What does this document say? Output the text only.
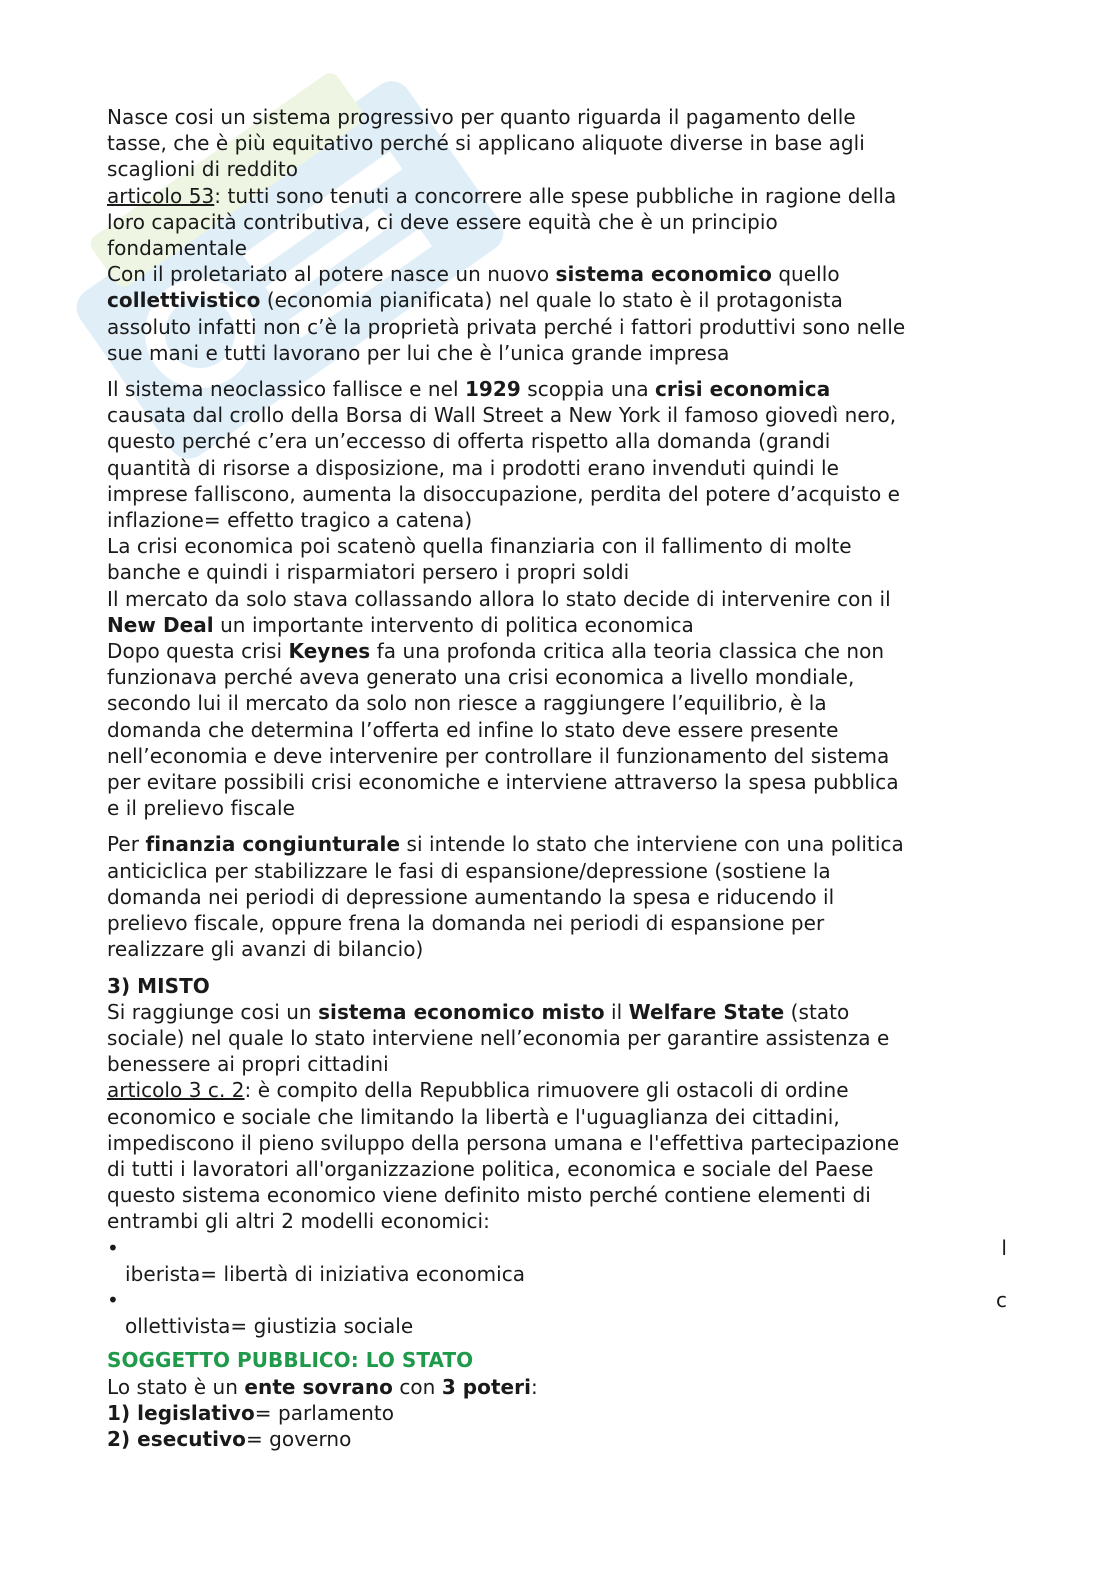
Nasce cosi un sistema progressivo per quanto riguarda il pagamento delle

tasse, che è più equitativo perché si applicano aliquote diverse in base agli

scaglioni di reddito

articolo 53: tutti sono tenuti a concorrere alle spese pubbliche in ragione della

loro capacità contributiva, ci deve essere equità che è un principio

fondamentale

Con il proletariato al potere nasce un nuovo sistema economico quello

collettivistico (economia pianificata) nel quale lo stato è il protagonista

assoluto infatti non c’è la proprietà privata perché i fattori produttivi sono nelle

sue mani e tutti lavorano per lui che è l’unica grande impresa

Il sistema neoclassico fallisce e nel 1929 scoppia una crisi economica

causata dal crollo della Borsa di Wall Street a New York il famoso giovedì nero,

questo perché c’era un’eccesso di offerta rispetto alla domanda (grandi

quantità di risorse a disposizione, ma i prodotti erano invenduti quindi le

imprese falliscono, aumenta la disoccupazione, perdita del potere d’acquisto e

inflazione= effetto tragico a catena)

La crisi economica poi scatenò quella finanziaria con il fallimento di molte

banche e quindi i risparmiatori persero i propri soldi

Il mercato da solo stava collassando allora lo stato decide di intervenire con il

New Deal un importante intervento di politica economica

Dopo questa crisi Keynes fa una profonda critica alla teoria classica che non

funzionava perché aveva generato una crisi economica a livello mondiale,

secondo lui il mercato da solo non riesce a raggiungere l’equilibrio, è la

domanda che determina l’offerta ed infine lo stato deve essere presente

nell’economia e deve intervenire per controllare il funzionamento del sistema

per evitare possibili crisi economiche e interviene attraverso la spesa pubblica

e il prelievo fiscale

Per finanzia congiunturale si intende lo stato che interviene con una politica

anticiclica per stabilizzare le fasi di espansione/depressione (sostiene la

domanda nei periodi di depressione aumentando la spesa e riducendo il

prelievo fiscale, oppure frena la domanda nei periodi di espansione per

realizzare gli avanzi di bilancio)

3) MISTO

Si raggiunge cosi un sistema economico misto il Welfare State (stato

sociale) nel quale lo stato interviene nell’economia per garantire assistenza e

benessere ai propri cittadini

articolo 3 c. 2: è compito della Repubblica rimuovere gli ostacoli di ordine

economico e sociale che limitando la libertà e l'uguaglianza dei cittadini,

impediscono il pieno sviluppo della persona umana e l'effettiva partecipazione

di tutti i lavoratori all'organizzazione politica, economica e sociale del Paese

questo sistema economico viene definito misto perché contiene elementi di

entrambi gli altri 2 modelli economici:

•	l

iberista= libertà di iniziativa economica

•	c

ollettivista= giustizia sociale

SOGGETTO PUBBLICO: LO STATO

Lo stato è un ente sovrano con 3 poteri:

1) legislativo= parlamento

2) esecutivo= governo
